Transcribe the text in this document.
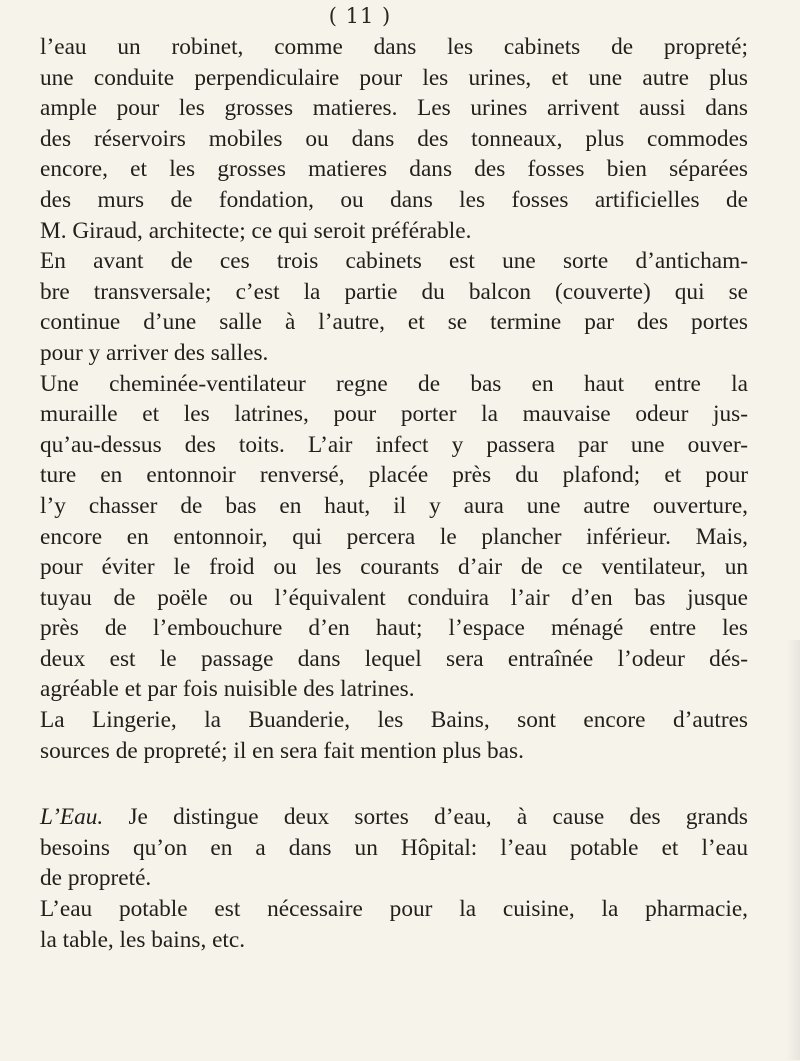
( 11 )

l’eau un robinet, comme dans les cabinets de propreté;
une conduite perpendiculaire pour les urines, et une autre plus
ample pour les grosses matieres. Les urines arrivent aussi dans
des réservoirs mobiles ou dans des tonneaux, plus commodes
encore, et les grosses matieres dans des fosses bien séparées
des murs de fondation, ou dans les fosses artificielles de
M. Giraud, architecte; ce qui seroit préférable.

En avant de ces trois cabinets est une sorte d’anticham-
bre transversale; c’est la partie du balcon (couverte) qui se
continue d’une salle à l’autre, et se termine par des portes
pour y arriver des salles.

Une cheminée-ventilateur regne de bas en haut entre la
muraille et les latrines, pour porter la mauvaise odeur jus-
qu’au-dessus des toits. L’air infect y passera par une ouver-
ture en entonnoir renversé, placée près du plafond; et pour
l’y chasser de bas en haut, il y aura une autre ouverture,
encore en entonnoir, qui percera le plancher inférieur. Mais,
pour éviter le froid ou les courants d’air de ce ventilateur, un
tuyau de poële ou l’équivalent conduira l’air d’en bas jusque
près de l’embouchure d’en haut; l’espace ménagé entre les
deux est le passage dans lequel sera entraînée l’odeur dés-
agréable et par fois nuisible des latrines.

La Lingerie, la Buanderie, les Bains, sont encore d’autres
sources de propreté; il en sera fait mention plus bas.

L’Eau. Je distingue deux sortes d’eau, à cause des grands
besoins qu’on en a dans un Hôpital: l’eau potable et l’eau
de propreté.

L’eau potable est nécessaire pour la cuisine, la pharmacie,
la table, les bains, etc.
